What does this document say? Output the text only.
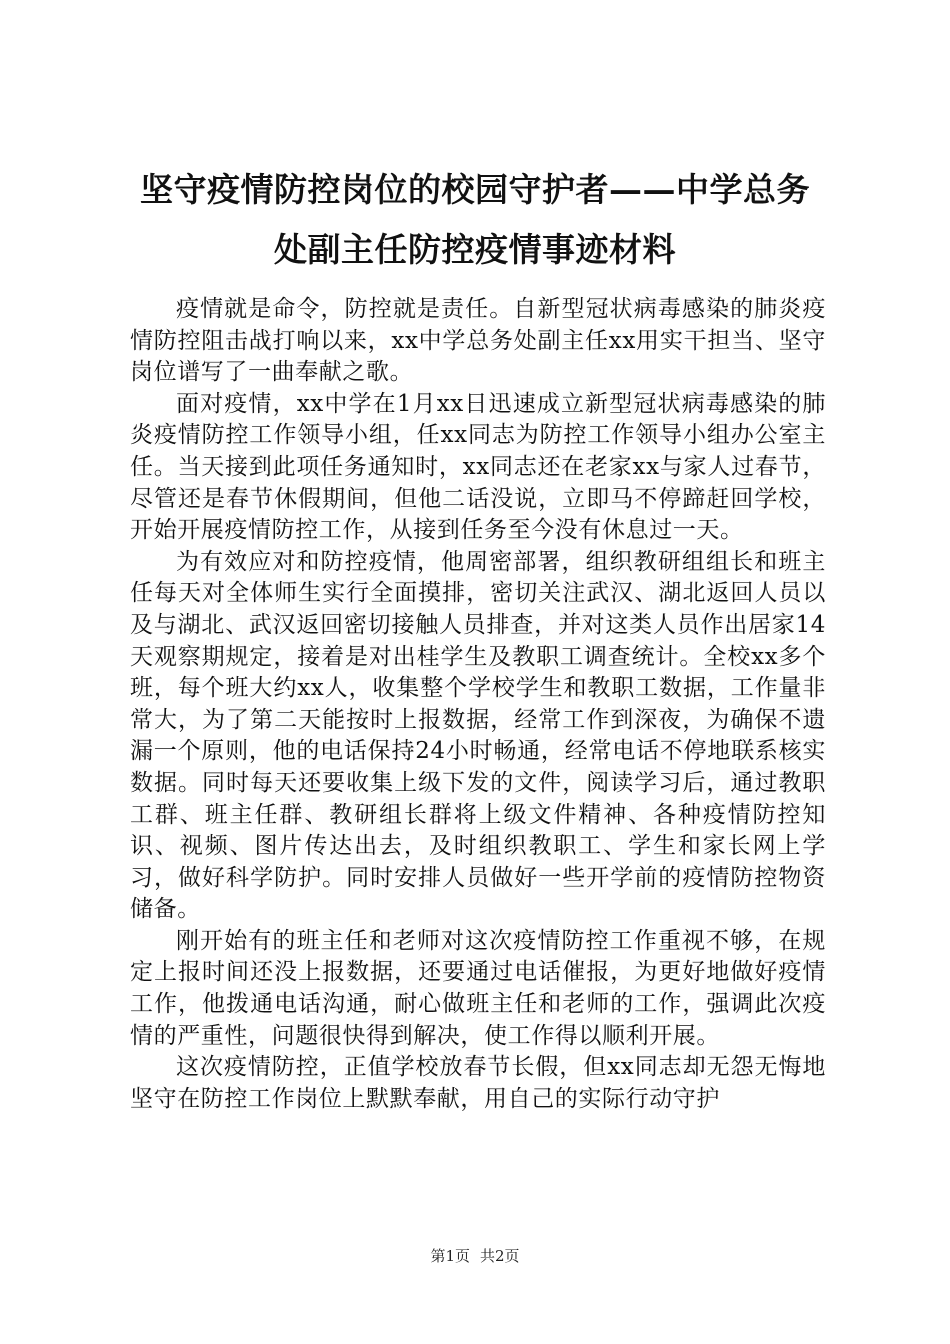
坚守疫情防控岗位的校园守护者——中学总务
处副主任防控疫情事迹材料

疫情就是命令，防控就是责任。自新型冠状病毒感染的肺炎疫情防控阻击战打响以来，xx中学总务处副主任xx用实干担当、坚守岗位谱写了一曲奉献之歌。

面对疫情，xx中学在1月xx日迅速成立新型冠状病毒感染的肺炎疫情防控工作领导小组，任xx同志为防控工作领导小组办公室主任。当天接到此项任务通知时，xx同志还在老家xx与家人过春节，尽管还是春节休假期间，但他二话没说，立即马不停蹄赶回学校，开始开展疫情防控工作，从接到任务至今没有休息过一天。

为有效应对和防控疫情，他周密部署，组织教研组组长和班主任每天对全体师生实行全面摸排，密切关注武汉、湖北返回人员以及与湖北、武汉返回密切接触人员排查，并对这类人员作出居家14天观察期规定，接着是对出桂学生及教职工调查统计。全校xx多个班，每个班大约xx人，收集整个学校学生和教职工数据，工作量非常大，为了第二天能按时上报数据，经常工作到深夜，为确保不遗漏一个原则，他的电话保持24小时畅通，经常电话不停地联系核实数据。同时每天还要收集上级下发的文件，阅读学习后，通过教职工群、班主任群、教研组长群将上级文件精神、各种疫情防控知识、视频、图片传达出去，及时组织教职工、学生和家长网上学习，做好科学防护。同时安排人员做好一些开学前的疫情防控物资储备。

刚开始有的班主任和老师对这次疫情防控工作重视不够，在规定上报时间还没上报数据，还要通过电话催报，为更好地做好疫情工作，他拨通电话沟通，耐心做班主任和老师的工作，强调此次疫情的严重性，问题很快得到解决，使工作得以顺利开展。

这次疫情防控，正值学校放春节长假，但xx同志却无怨无悔地坚守在防控工作岗位上默默奉献，用自己的实际行动守护

第1页 共2页
